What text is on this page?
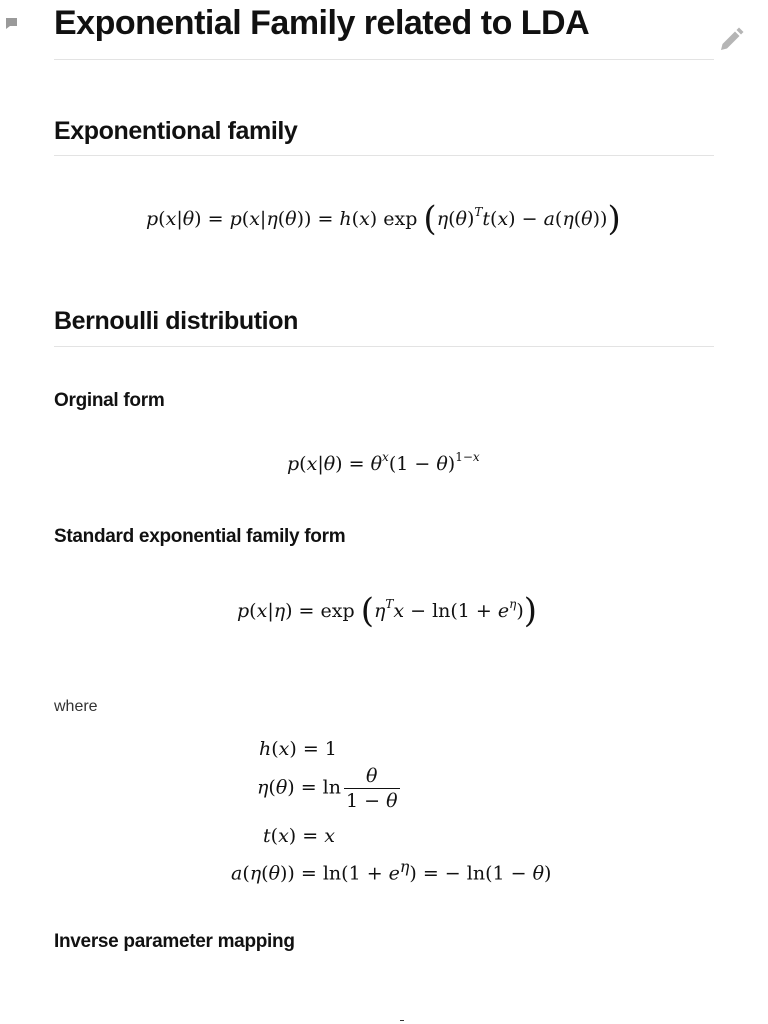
Exponential Family related to LDA
Exponentional family
p(x|θ) = p(x|η(θ)) = h(x) $\exp (\eta(\theta)^Tt(x) - a(\eta(\theta)))$
Bernoulli distribution
Orginal form
$p(x|\theta) = \theta^x(1 - \theta)^{1-x}$
Standard exponential family form
$p(x|\eta) = \exp (\eta^Tx - \ln(1 + e^\eta))$
where
h(x) = 1
$\eta(\theta) = \ln \frac{\theta}{1 - \theta}$
t(x) = x
$a(\eta(\theta)) = \ln(1 + e^\eta)$ = − ln(1 − θ)
Inverse parameter mapping
